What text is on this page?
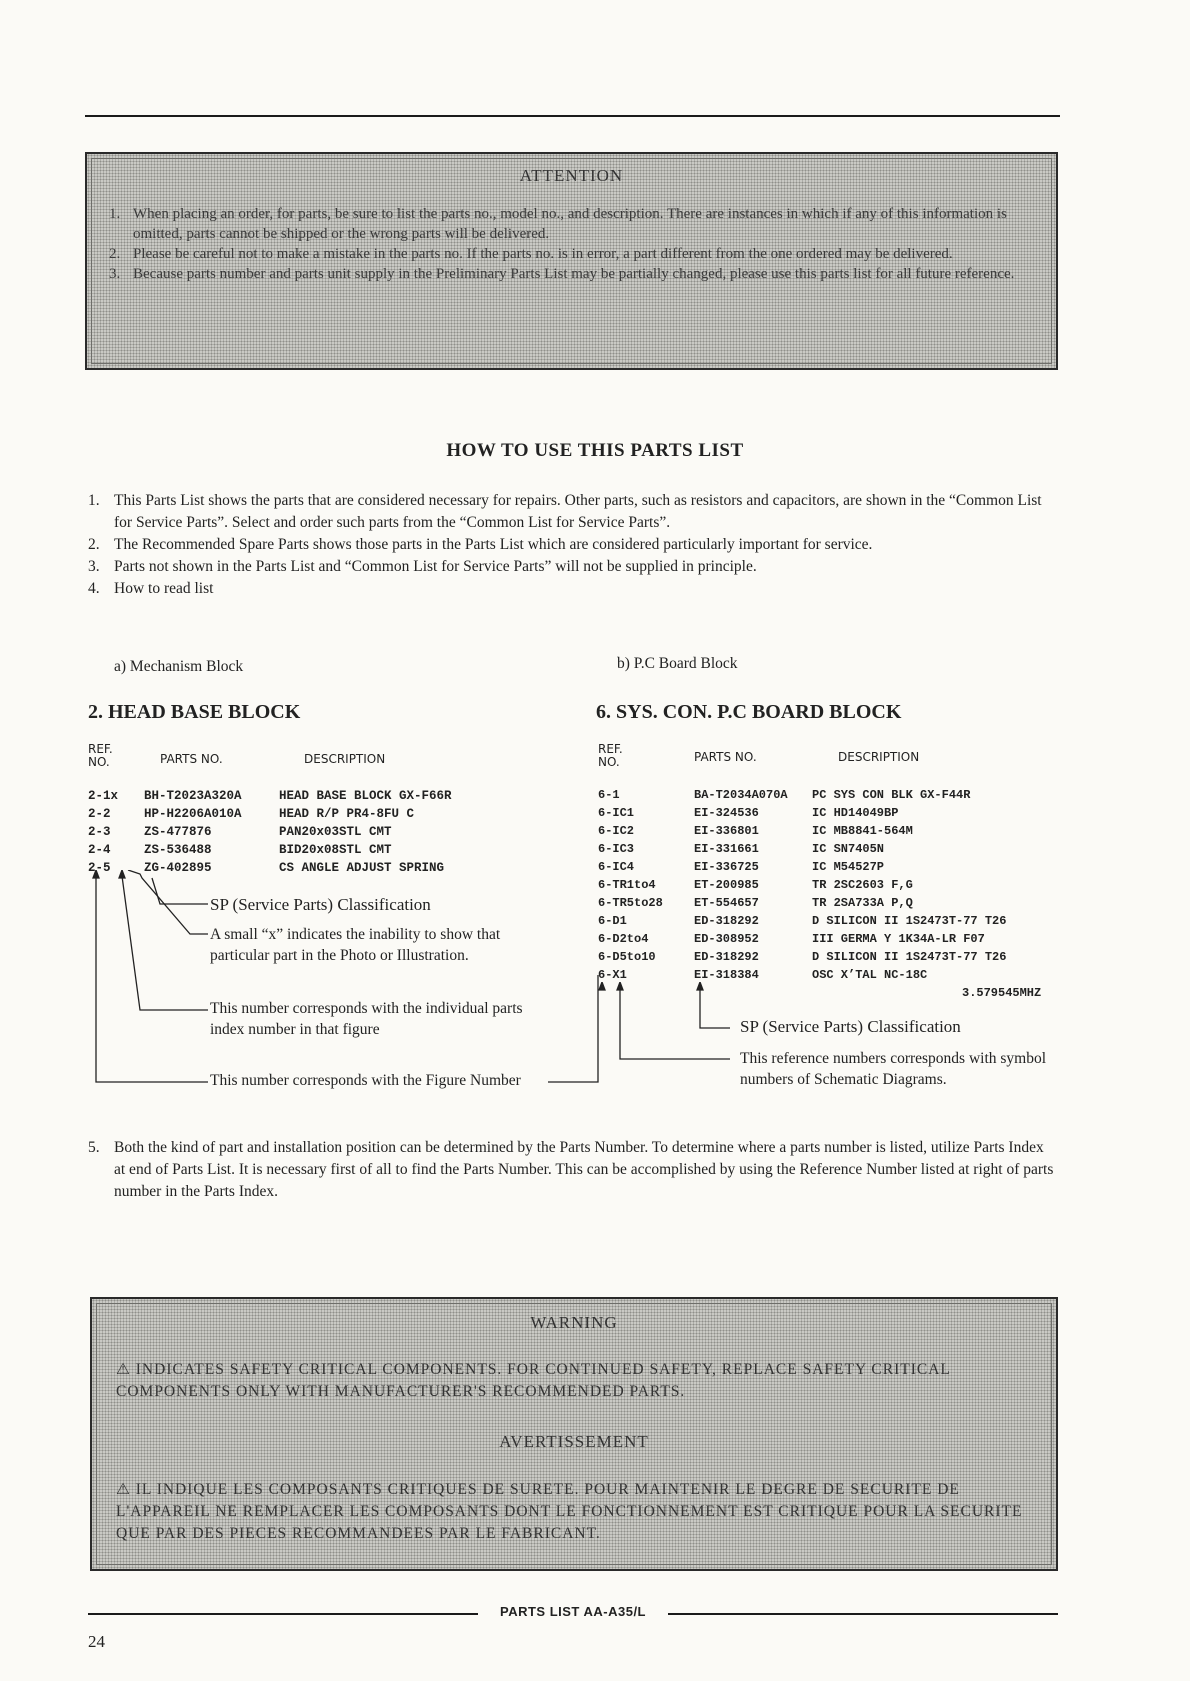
ATTENTION
1. When placing an order, for parts, be sure to list the parts no., model no., and description. There are instances in which if any of this information is omitted, parts cannot be shipped or the wrong parts will be delivered.
2. Please be careful not to make a mistake in the parts no. If the parts no. is in error, a part different from the one ordered may be delivered.
3. Because parts number and parts unit supply in the Preliminary Parts List may be partially changed, please use this parts list for all future reference.
HOW TO USE THIS PARTS LIST
1. This Parts List shows the parts that are considered necessary for repairs. Other parts, such as resistors and capacitors, are shown in the “Common List for Service Parts”. Select and order such parts from the “Common List for Service Parts”.
2. The Recommended Spare Parts shows those parts in the Parts List which are considered particularly important for service.
3. Parts not shown in the Parts List and “Common List for Service Parts” will not be supplied in principle.
4. How to read list
a) Mechanism Block	b) P.C Board Block
2. HEAD BASE BLOCK
REF.
NO.	PARTS NO.	DESCRIPTION
2-1x	BH-T2023A320A	HEAD BASE BLOCK GX-F66R
2-2	HP-H2206A010A	HEAD R/P PR4-8FU C
2-3	ZS-477876	PAN20x03STL CMT
2-4	ZS-536488	BID20x08STL CMT
2-5	ZG-402895	CS ANGLE ADJUST SPRING
SP (Service Parts) Classification
A small “x” indicates the inability to show that particular part in the Photo or Illustration.
This number corresponds with the individual parts index number in that figure
This number corresponds with the Figure Number
6. SYS. CON. P.C BOARD BLOCK
REF.
NO.	PARTS NO.	DESCRIPTION
6-1	BA-T2034A070A	PC SYS CON BLK GX-F44R
6-IC1	EI-324536	IC HD14049BP
6-IC2	EI-336801	IC MB8841-564M
6-IC3	EI-331661	IC SN7405N
6-IC4	EI-336725	IC M54527P
6-TR1to4	ET-200985	TR 2SC2603 F,G
6-TR5to28	ET-554657	TR 2SA733A P,Q
6-D1	ED-318292	D SILICON II 1S2473T-77 T26
6-D2to4	ED-308952	III GERMA Y 1K34A-LR F07
6-D5to10	ED-318292	D SILICON II 1S2473T-77 T26
6-X1	EI-318384	OSC X’TAL NC-18C
3.579545MHZ
SP (Service Parts) Classification
This reference numbers corresponds with symbol numbers of Schematic Diagrams.
5. Both the kind of part and installation position can be determined by the Parts Number. To determine where a parts number is listed, utilize Parts Index at end of Parts List. It is necessary first of all to find the Parts Number. This can be accomplished by using the Reference Number listed at right of parts number in the Parts Index.
WARNING
⚠ INDICATES SAFETY CRITICAL COMPONENTS. FOR CONTINUED SAFETY, REPLACE SAFETY CRITICAL COMPONENTS ONLY WITH MANUFACTURER'S RECOMMENDED PARTS.
AVERTISSEMENT
⚠ IL INDIQUE LES COMPOSANTS CRITIQUES DE SURETE. POUR MAINTENIR LE DEGRE DE SECURITE DE L'APPAREIL NE REMPLACER LES COMPOSANTS DONT LE FONCTIONNEMENT EST CRITIQUE POUR LA SECURITE QUE PAR DES PIECES RECOMMANDEES PAR LE FABRICANT.
PARTS LIST AA-A35/L
24
